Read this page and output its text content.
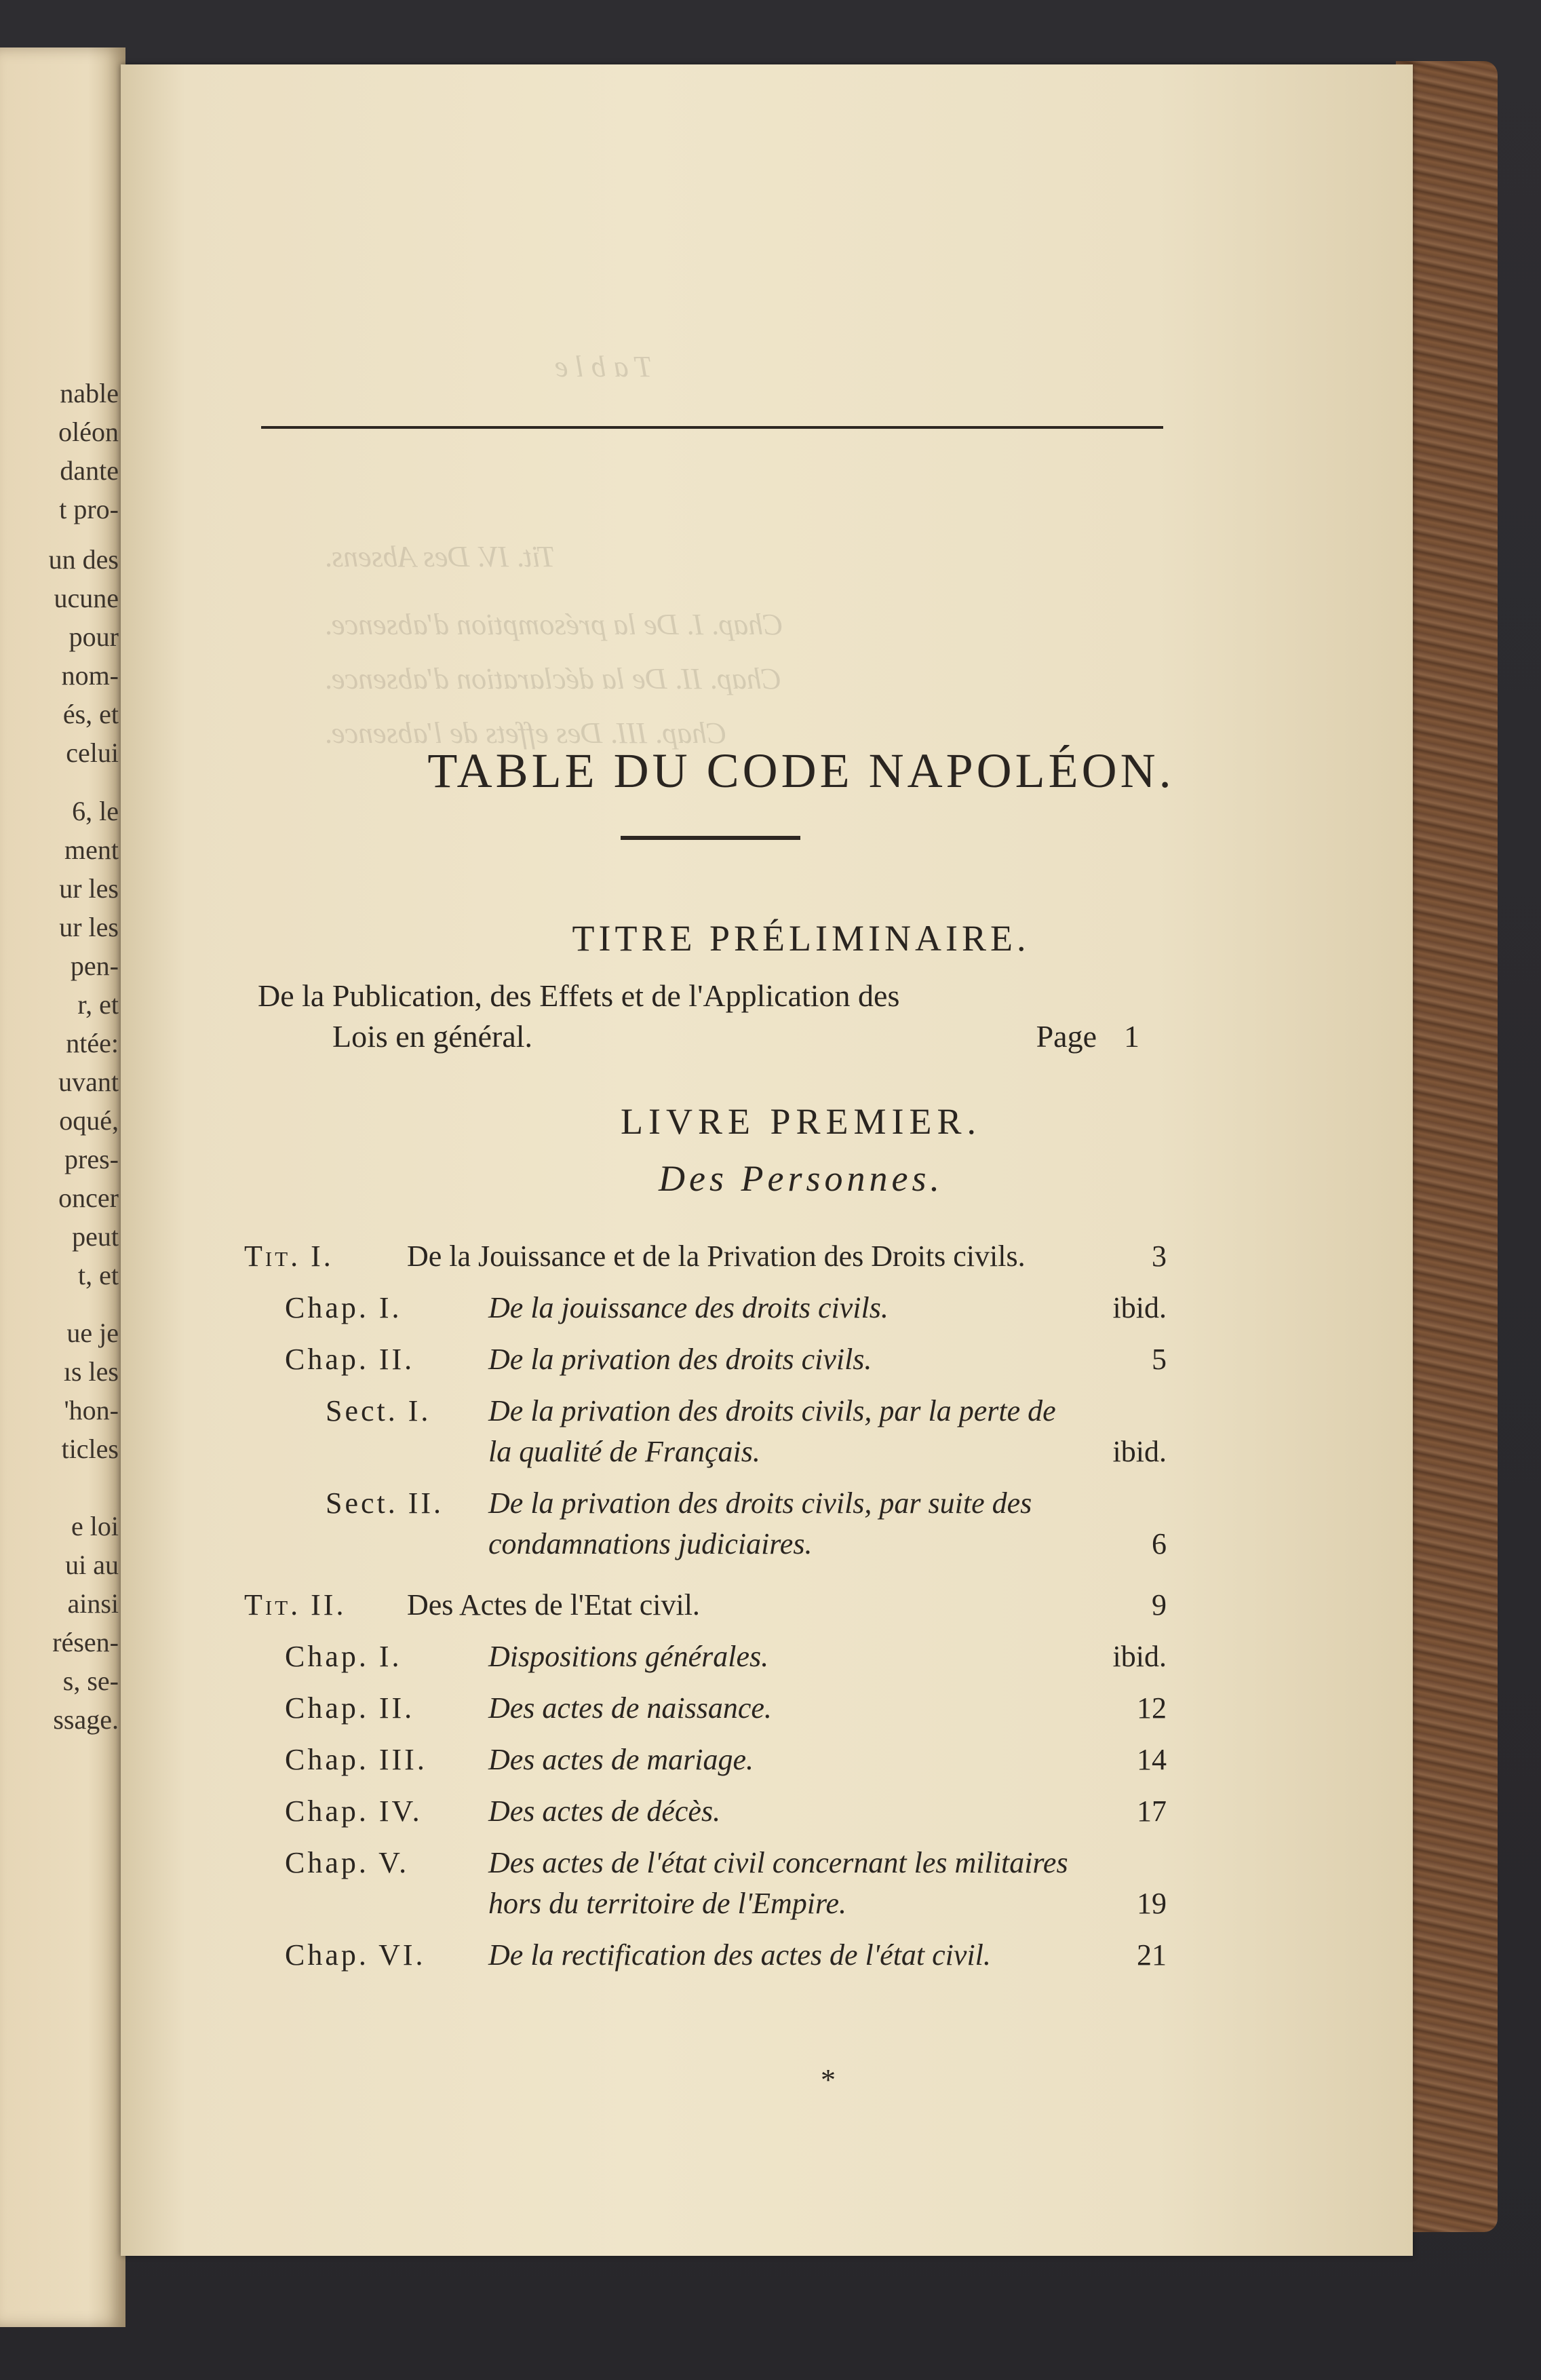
nable
oléon
dante
t pro-
un des
ucune
pour
nom-
és, et
celui
6, le
ment
ur les
ur les
pen-
r, et
ntée:
uvant
oqué,
pres-
oncer
peut
t, et
ue je
ıs les
'hon-
ticles
e loi
ui au
ainsi
résen-
s, se-
ssage.
T a b l e
Tit. IV. Des Absens.
Chap. I. De la présomption d'absence.
Chap. II. De la déclaration d'absence.
Chap. III. Des effets de l'absence.
TABLE DU CODE NAPOLÉON.
TITRE PRÉLIMINAIRE.
De la Publication, des Effets et de l'Application des
Lois en général.	Page 1
LIVRE PREMIER.
Des Personnes.
Tit. I.	De la Jouissance et de la Privation des Droits civils.	3
Chap. I.	De la jouissance des droits civils.	ibid.
Chap. II.	De la privation des droits civils.	5
Sect. I.	De la privation des droits civils, par la perte de la qualité de Français.	ibid.
Sect. II.	De la privation des droits civils, par suite des condamnations judiciaires.	6
Tit. II.	Des Actes de l'Etat civil.	9
Chap. I.	Dispositions générales.	ibid.
Chap. II.	Des actes de naissance.	12
Chap. III.	Des actes de mariage.	14
Chap. IV.	Des actes de décès.	17
Chap. V.	Des actes de l'état civil concernant les militaires hors du territoire de l'Empire.	19
Chap. VI.	De la rectification des actes de l'état civil.	21
*
